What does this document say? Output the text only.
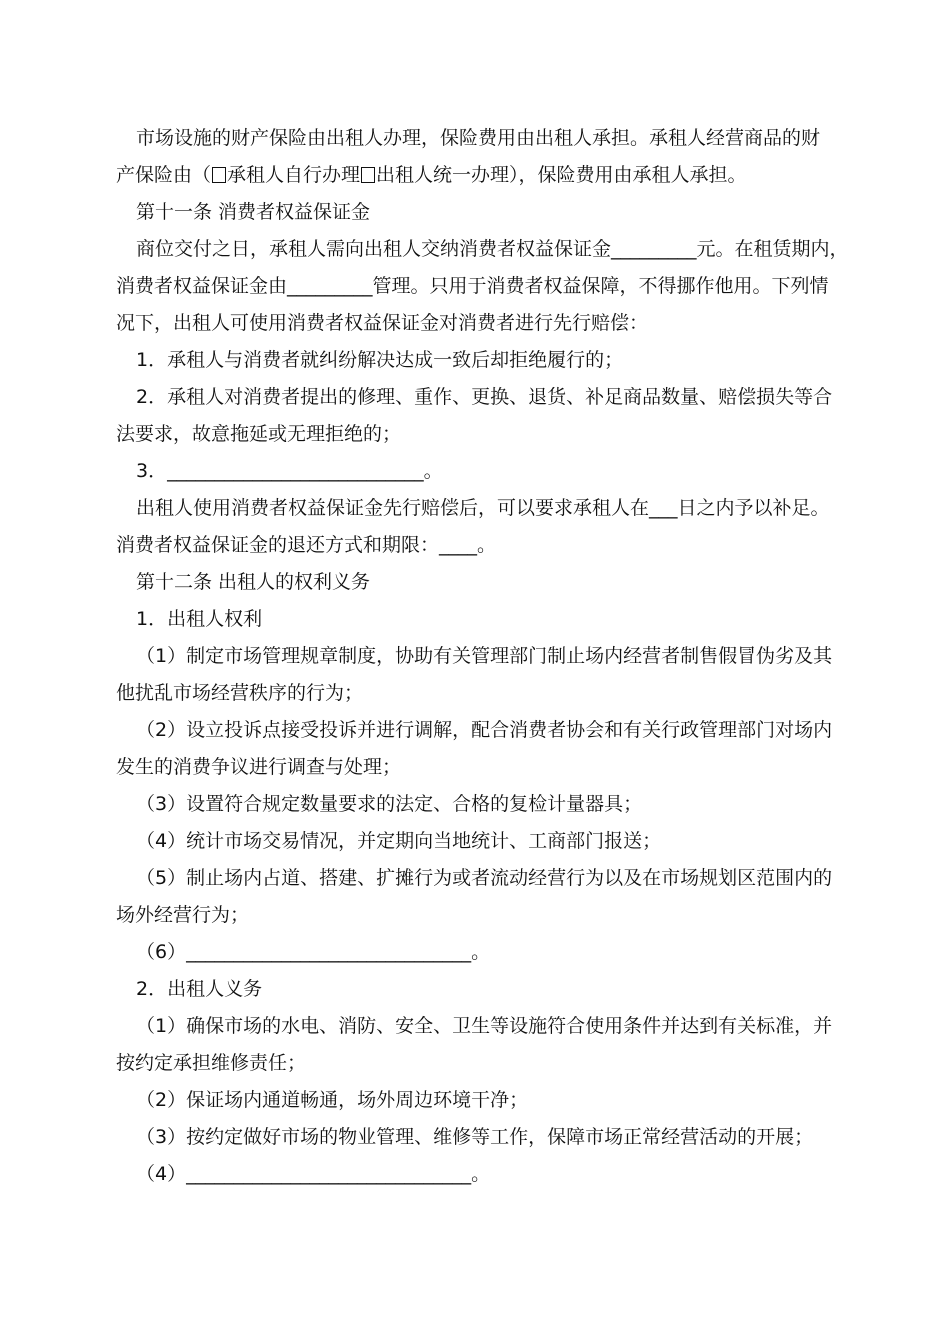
市场设施的财产保险由出租人办理，保险费用由出租人承担。承租人经营商品的财
产保险由（ 承租人自行办理 出租人统一办理），保险费用由承租人承担。
第十一条 消费者权益保证金
商位交付之日，承租人需向出租人交纳消费者权益保证金_________元。在租赁期内，
消费者权益保证金由_________管理。只用于消费者权益保障，不得挪作他用。下列情
况下，出租人可使用消费者权益保证金对消费者进行先行赔偿：
1．承租人与消费者就纠纷解决达成一致后却拒绝履行的；
2．承租人对消费者提出的修理、重作、更换、退货、补足商品数量、赔偿损失等合
法要求，故意拖延或无理拒绝的；
3．___________________________。
出租人使用消费者权益保证金先行赔偿后，可以要求承租人在___日之内予以补足。
消费者权益保证金的退还方式和期限：____。
第十二条 出租人的权利义务
1．出租人权利
（1）制定市场管理规章制度，协助有关管理部门制止场内经营者制售假冒伪劣及其
他扰乱市场经营秩序的行为；
（2）设立投诉点接受投诉并进行调解，配合消费者协会和有关行政管理部门对场内
发生的消费争议进行调查与处理；
（3）设置符合规定数量要求的法定、合格的复检计量器具；
（4）统计市场交易情况，并定期向当地统计、工商部门报送；
（5）制止场内占道、搭建、扩摊行为或者流动经营行为以及在市场规划区范围内的
场外经营行为；
（6）______________________________。
2．出租人义务
（1）确保市场的水电、消防、安全、卫生等设施符合使用条件并达到有关标准，并
按约定承担维修责任；
（2）保证场内通道畅通，场外周边环境干净；
（3）按约定做好市场的物业管理、维修等工作，保障市场正常经营活动的开展；
（4）______________________________。
